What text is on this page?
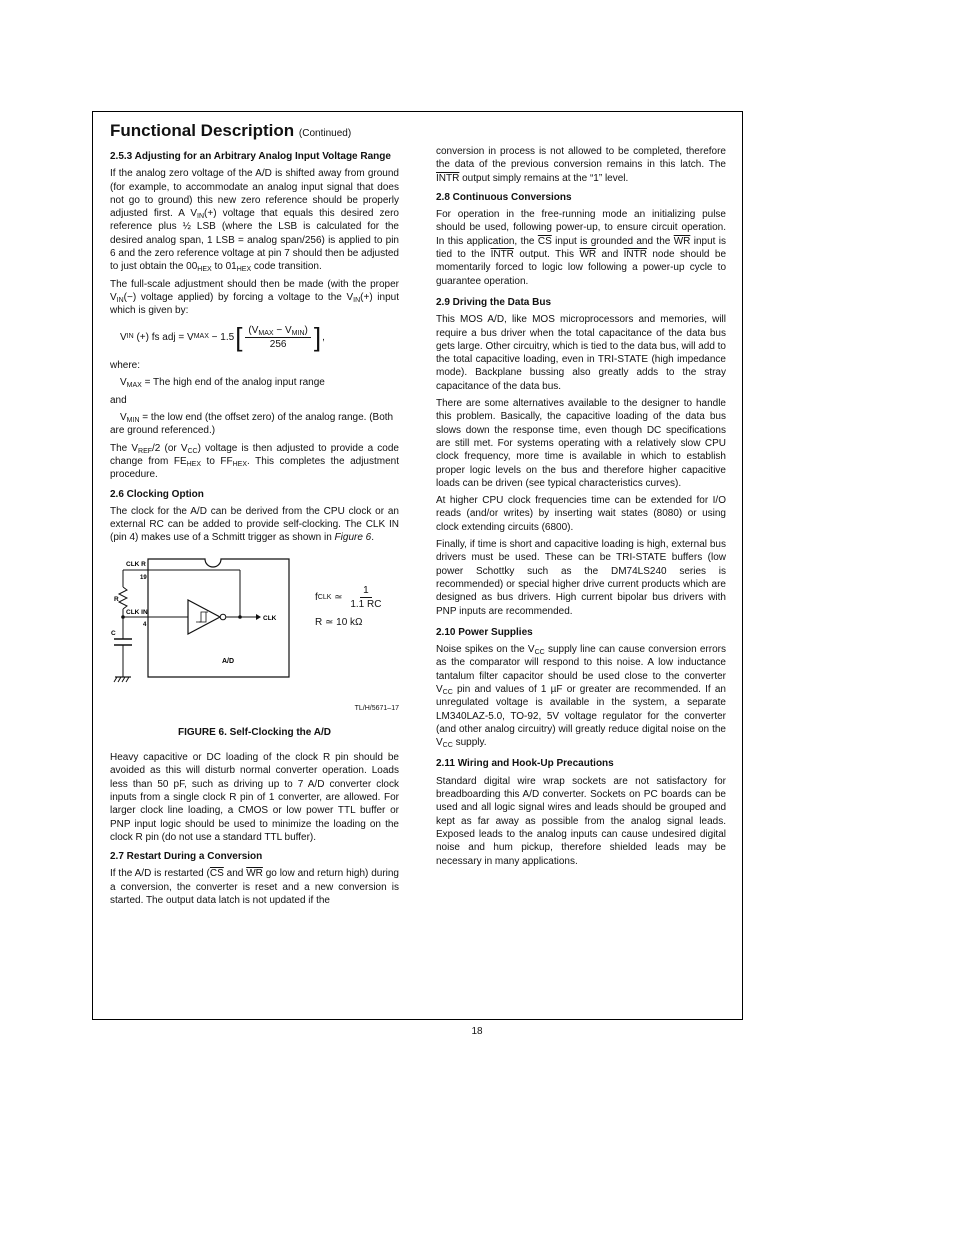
Functional Description (Continued)
2.5.3 Adjusting for an Arbitrary Analog Input Voltage Range

If the analog zero voltage of the A/D is shifted away from ground (for example, to accommodate an analog input signal that does not go to ground) this new zero reference should be properly adjusted first. A $V_{IN}(+)$ voltage that equals this desired zero reference plus ½ LSB (where the LSB is calculated for the desired analog span, 1 LSB = analog span/256) is applied to pin 6 and the zero reference voltage at pin 7 should then be adjusted to just obtain the $00_{HEX}$ to $01_{HEX}$ code transition.

The full-scale adjustment should then be made (with the proper $V_{IN}(-)$ voltage applied) by forcing a voltage to the $V_{IN}(+)$ input which is given by:

V IN (+) fs adj = V MAX − 1.5 [ $\frac{(V_{MAX} - V_{MIN})}{256}$ ] ,

where:

$V_{MAX}$ = The high end of the analog input range

and

$V_{MIN}$ = the low end (the offset zero) of the analog range. (Both are ground referenced.)

The $V_{REF}/2$ (or $V_{CC}$) voltage is then adjusted to provide a code change from $FE_{HEX}$ to $FF_{HEX}$. This completes the adjustment procedure.

2.6 Clocking Option

The clock for the A/D can be derived from the CPU clock or an external RC can be added to provide self-clocking. The CLK IN (pin 4) makes use of a Schmitt trigger as shown in Figure 6.

CLK R
19
R
CLK IN
4
CLK
A/D
C
f CLK ≃ $\frac{1}{1.1 RC}$
R ≃ 10 kΩ
TL/H/5671–17

FIGURE 6. Self-Clocking the A/D

Heavy capacitive or DC loading of the clock R pin should be avoided as this will disturb normal converter operation. Loads less than 50 pF, such as driving up to 7 A/D converter clock inputs from a single clock R pin of 1 converter, are allowed. For larger clock line loading, a CMOS or low power TTL buffer or PNP input logic should be used to minimize the loading on the clock R pin (do not use a standard TTL buffer).

2.7 Restart During a Conversion

If the A/D is restarted ($\overline{CS}$ and $\overline{WR}$ go low and return high) during a conversion, the converter is reset and a new conversion is started. The output data latch is not updated if the

conversion in process is not allowed to be completed, therefore the data of the previous conversion remains in this latch. The INTR output simply remains at the “1” level.

2.8 Continuous Conversions

For operation in the free-running mode an initializing pulse should be used, following power-up, to ensure circuit operation. In this application, the $\overline{CS}$ input is grounded and the $\overline{WR}$ input is tied to the INTR output. This $\overline{WR}$ and INTR node should be momentarily forced to logic low following a power-up cycle to guarantee operation.

2.9 Driving the Data Bus

This MOS A/D, like MOS microprocessors and memories, will require a bus driver when the total capacitance of the data bus gets large. Other circuitry, which is tied to the data bus, will add to the total capacitive loading, even in TRI-STATE (high impedance mode). Backplane bussing also greatly adds to the stray capacitance of the data bus.

There are some alternatives available to the designer to handle this problem. Basically, the capacitive loading of the data bus slows down the response time, even though DC specifications are still met. For systems operating with a relatively slow CPU clock frequency, more time is available in which to establish proper logic levels on the bus and therefore higher capacitive loads can be driven (see typical characteristics curves).

At higher CPU clock frequencies time can be extended for I/O reads (and/or writes) by inserting wait states (8080) or using clock extending circuits (6800).

Finally, if time is short and capacitive loading is high, external bus drivers must be used. These can be TRI-STATE buffers (low power Schottky such as the DM74LS240 series is recommended) or special higher drive current products which are designed as bus drivers. High current bipolar bus drivers with PNP inputs are recommended.

2.10 Power Supplies

Noise spikes on the $V_{CC}$ supply line can cause conversion errors as the comparator will respond to this noise. A low inductance tantalum filter capacitor should be used close to the converter $V_{CC}$ pin and values of 1 µF or greater are recommended. If an unregulated voltage is available in the system, a separate LM340LAZ-5.0, TO-92, 5V voltage regulator for the converter (and other analog circuitry) will greatly reduce digital noise on the $V_{CC}$ supply.

2.11 Wiring and Hook-Up Precautions

Standard digital wire wrap sockets are not satisfactory for breadboarding this A/D converter. Sockets on PC boards can be used and all logic signal wires and leads should be grouped and kept as far away as possible from the analog signal leads. Exposed leads to the analog inputs can cause undesired digital noise and hum pickup, therefore shielded leads may be necessary in many applications.

18
